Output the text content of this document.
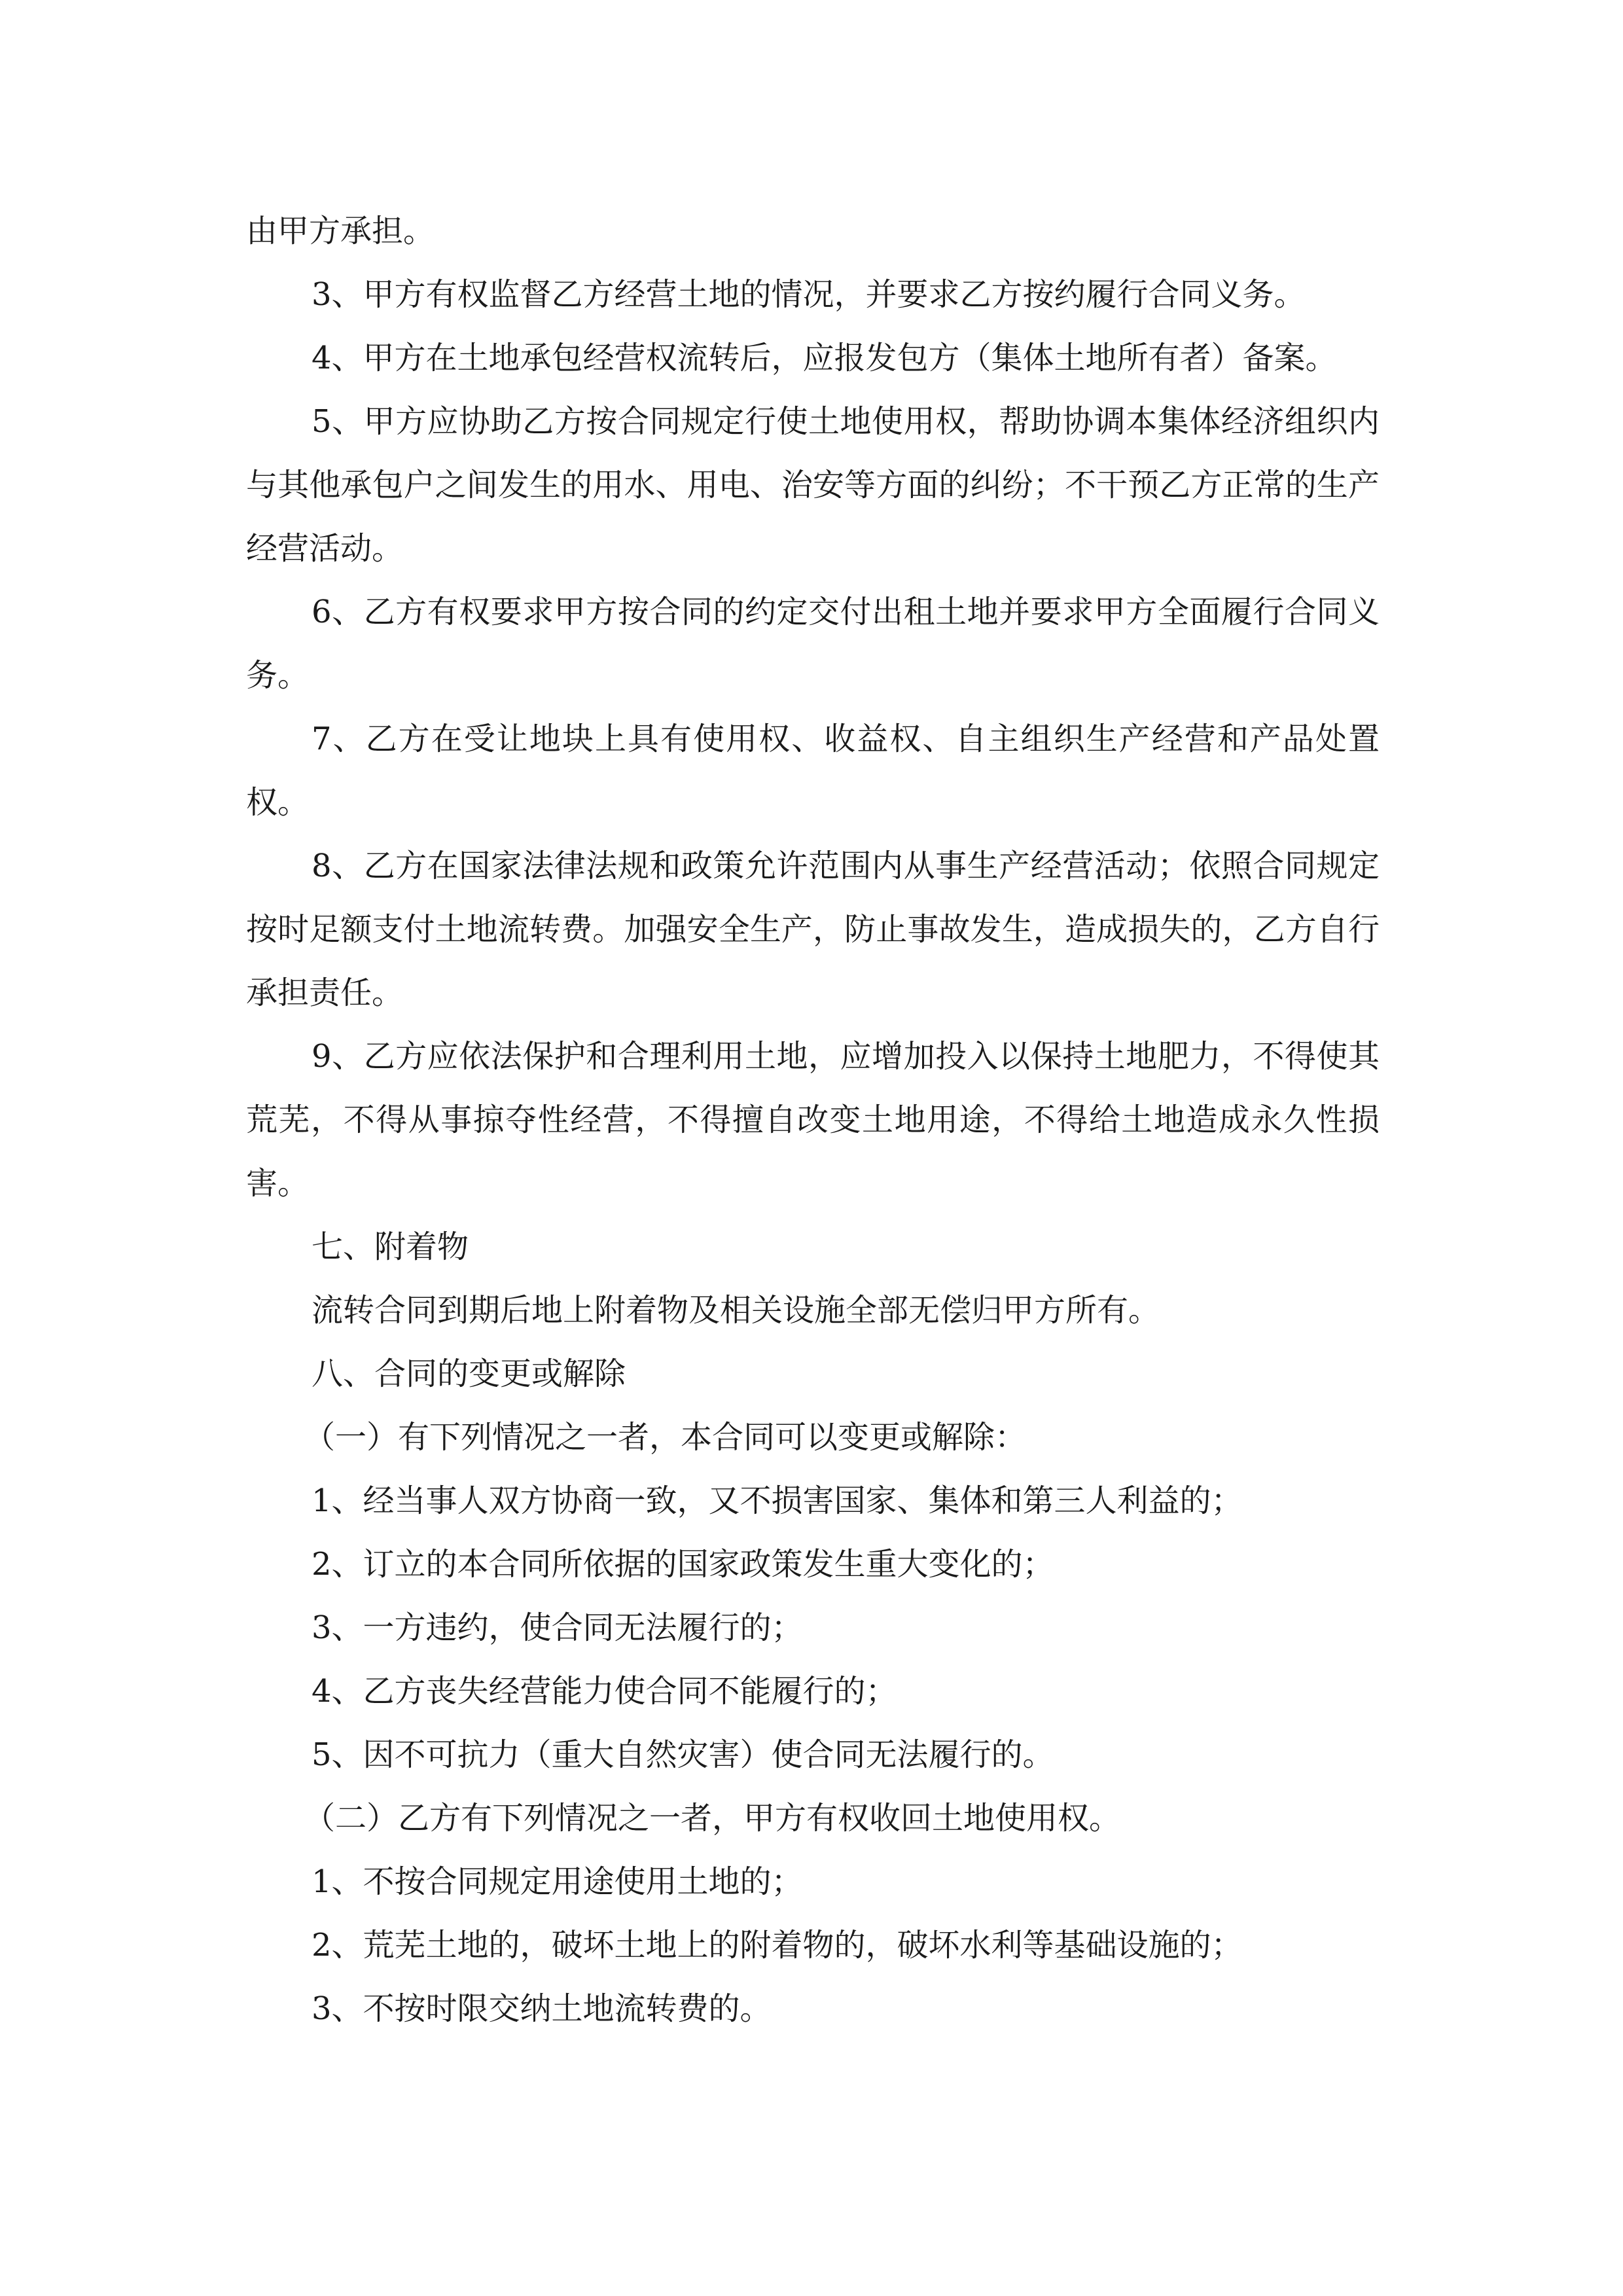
由甲方承担。

3、甲方有权监督乙方经营土地的情况，并要求乙方按约履行合同义务。

4、甲方在土地承包经营权流转后，应报发包方（集体土地所有者）备案。

5、甲方应协助乙方按合同规定行使土地使用权，帮助协调本集体经济组织内与其他承包户之间发生的用水、用电、治安等方面的纠纷；不干预乙方正常的生产经营活动。

6、乙方有权要求甲方按合同的约定交付出租土地并要求甲方全面履行合同义务。

7、乙方在受让地块上具有使用权、收益权、自主组织生产经营和产品处置权。

8、乙方在国家法律法规和政策允许范围内从事生产经营活动；依照合同规定按时足额支付土地流转费。加强安全生产，防止事故发生，造成损失的，乙方自行承担责任。

9、乙方应依法保护和合理利用土地，应增加投入以保持土地肥力，不得使其荒芜，不得从事掠夺性经营，不得擅自改变土地用途，不得给土地造成永久性损害。

七、附着物

流转合同到期后地上附着物及相关设施全部无偿归甲方所有。

八、合同的变更或解除

（一）有下列情况之一者，本合同可以变更或解除：

1、经当事人双方协商一致，又不损害国家、集体和第三人利益的；

2、订立的本合同所依据的国家政策发生重大变化的；

3、一方违约，使合同无法履行的；

4、乙方丧失经营能力使合同不能履行的；

5、因不可抗力（重大自然灾害）使合同无法履行的。

（二）乙方有下列情况之一者，甲方有权收回土地使用权。

1、不按合同规定用途使用土地的；

2、荒芜土地的，破坏土地上的附着物的，破坏水利等基础设施的；

3、不按时限交纳土地流转费的。
